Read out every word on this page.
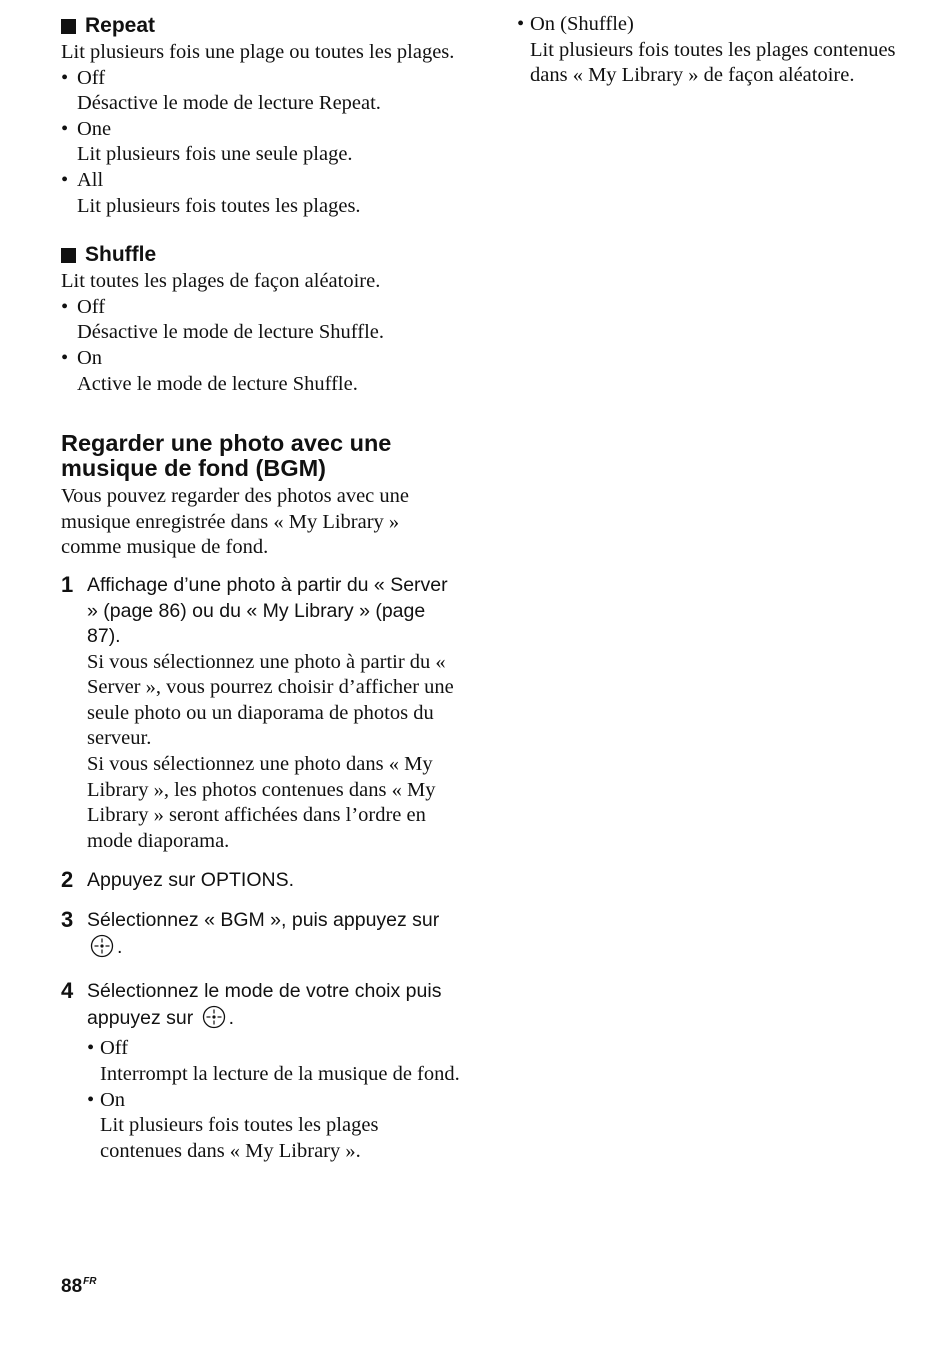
Repeat

Lit plusieurs fois une plage ou toutes les plages.

• Off
Désactive le mode de lecture Repeat.
• One
Lit plusieurs fois une seule plage.
• All
Lit plusieurs fois toutes les plages.
Shuffle

Lit toutes les plages de façon aléatoire.

• Off
Désactive le mode de lecture Shuffle.
• On
Active le mode de lecture Shuffle.
Regarder une photo avec une
musique de fond (BGM)

Vous pouvez regarder des photos avec une musique enregistrée dans « My Library » comme musique de fond.

1 Affichage d’une photo à partir du « Server » (page 86) ou du « My Library » (page 87).

Si vous sélectionnez une photo à partir du « Server », vous pourrez choisir d’afficher une seule photo ou un diaporama de photos du serveur.

Si vous sélectionnez une photo dans « My Library », les photos contenues dans « My Library » seront affichées dans l’ordre en mode diaporama.

2 Appuyez sur OPTIONS.
3 Sélectionnez « BGM », puis appuyez sur .
4 Sélectionnez le mode de votre choix puis appuyez sur .
• Off
Interrompt la lecture de la musique de fond.
• On
Lit plusieurs fois toutes les plages contenues dans « My Library ».
• On (Shuffle)
Lit plusieurs fois toutes les plages contenues dans « My Library » de façon aléatoire.
$88^{FR}$
